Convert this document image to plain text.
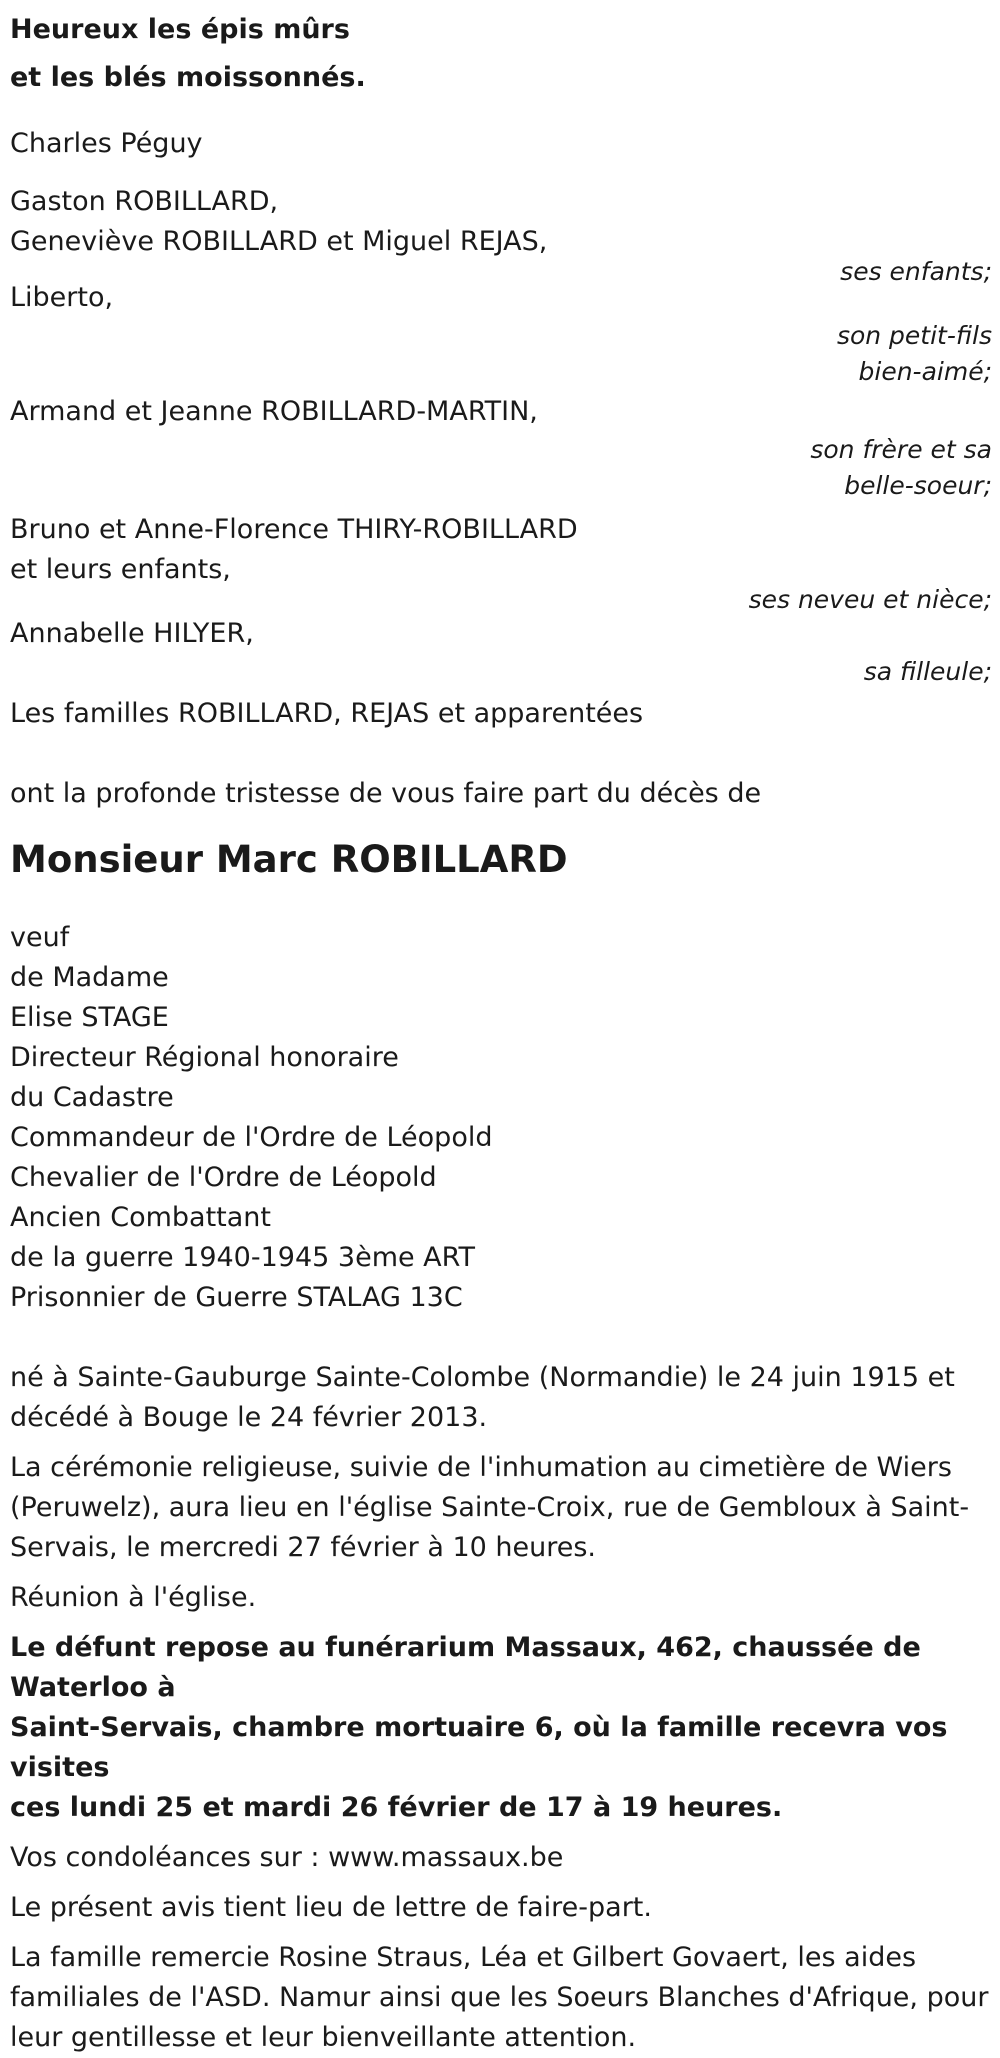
Heureux les épis mûrs
et les blés moissonnés.
Charles Péguy
Gaston ROBILLARD,
Geneviève ROBILLARD et Miguel REJAS,
ses enfants;
Liberto,
son petit-fils
bien-aimé;
Armand et Jeanne ROBILLARD-MARTIN,
son frère et sa
belle-soeur;
Bruno et Anne-Florence THIRY-ROBILLARD
et leurs enfants,
ses neveu et nièce;
Annabelle HILYER,
sa filleule;
Les familles ROBILLARD, REJAS et apparentées
ont la profonde tristesse de vous faire part du décès de
Monsieur Marc ROBILLARD
veuf
de Madame
Elise STAGE
Directeur Régional honoraire
du Cadastre
Commandeur de l'Ordre de Léopold
Chevalier de l'Ordre de Léopold
Ancien Combattant
de la guerre 1940-1945 3ème ART
Prisonnier de Guerre STALAG 13C
né à Sainte-Gauburge Sainte-Colombe (Normandie) le 24 juin 1915 et
décédé à Bouge le 24 février 2013.
La cérémonie religieuse, suivie de l'inhumation au cimetière de Wiers
(Peruwelz), aura lieu en l'église Sainte-Croix, rue de Gembloux à Saint-
Servais, le mercredi 27 février à 10 heures.
Réunion à l'église.
Le défunt repose au funérarium Massaux, 462, chaussée de Waterloo à
Saint-Servais, chambre mortuaire 6, où la famille recevra vos visites
ces lundi 25 et mardi 26 février de 17 à 19 heures.
Vos condoléances sur : www.massaux.be
Le présent avis tient lieu de lettre de faire-part.
La famille remercie Rosine Straus, Léa et Gilbert Govaert, les aides
familiales de l'ASD. Namur ainsi que les Soeurs Blanches d'Afrique, pour
leur gentillesse et leur bienveillante attention.
